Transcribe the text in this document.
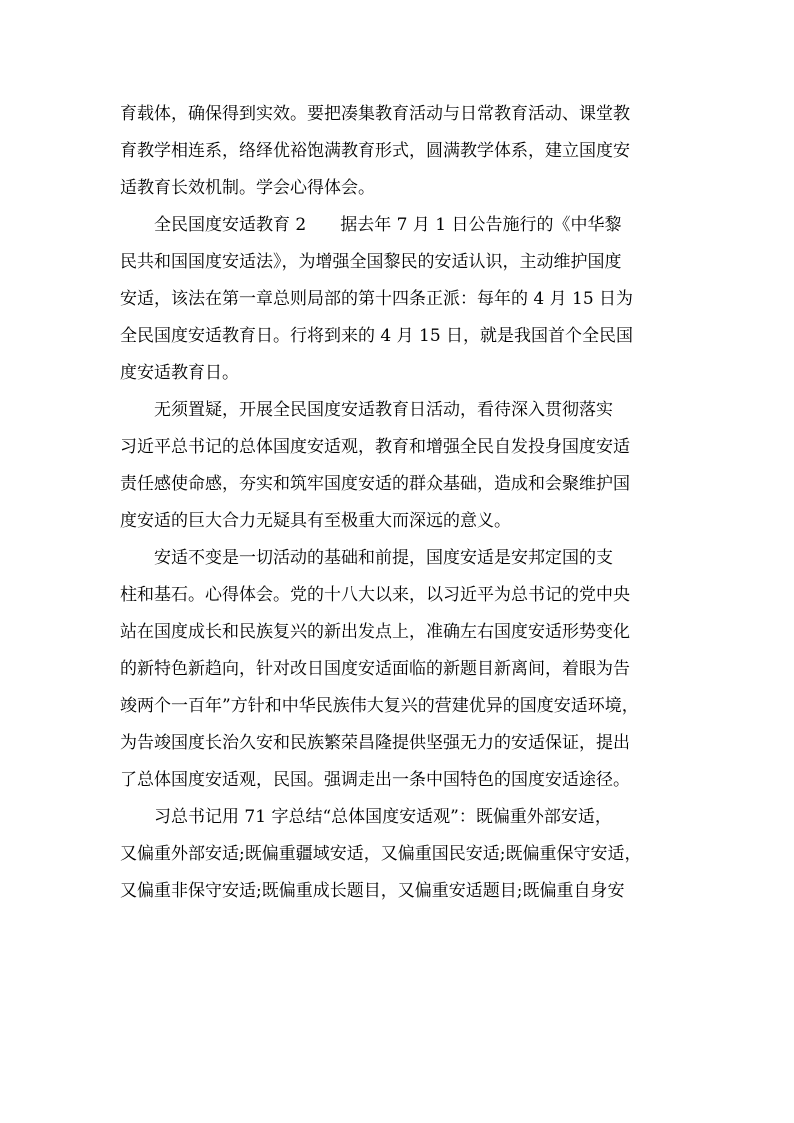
育载体，确保得到实效。要把凑集教育活动与日常教育活动、课堂教
育教学相连系，络绎优裕饱满教育形式，圆满教学体系，建立国度安
适教育长效机制。学会心得体会。

　　全民国度安适教育 2　　据去年 7 月 1 日公告施行的《中华黎
民共和国国度安适法》，为增强全国黎民的安适认识，主动维护国度
安适，该法在第一章总则局部的第十四条正派：每年的 4 月 15 日为
全民国度安适教育日。行将到来的 4 月 15 日，就是我国首个全民国
度安适教育日。

　　无须置疑，开展全民国度安适教育日活动，看待深入贯彻落实
习近平总书记的总体国度安适观，教育和增强全民自发投身国度安适
责任感使命感，夯实和筑牢国度安适的群众基础，造成和会聚维护国
度安适的巨大合力无疑具有至极重大而深远的意义。

　　安适不变是一切活动的基础和前提，国度安适是安邦定国的支
柱和基石。心得体会。党的十八大以来，以习近平为总书记的党中央
站在国度成长和民族复兴的新出发点上，准确左右国度安适形势变化
的新特色新趋向，针对改日国度安适面临的新题目新离间，着眼为告
竣两个一百年”方针和中华民族伟大复兴的营建优异的国度安适环境，
为告竣国度长治久安和民族繁荣昌隆提供坚强无力的安适保证，提出
了总体国度安适观，民国。强调走出一条中国特色的国度安适途径。

　　习总书记用 71 字总结“总体国度安适观”：既偏重外部安适，
又偏重外部安适;既偏重疆域安适，又偏重国民安适;既偏重保守安适，
又偏重非保守安适;既偏重成长题目，又偏重安适题目;既偏重自身安
